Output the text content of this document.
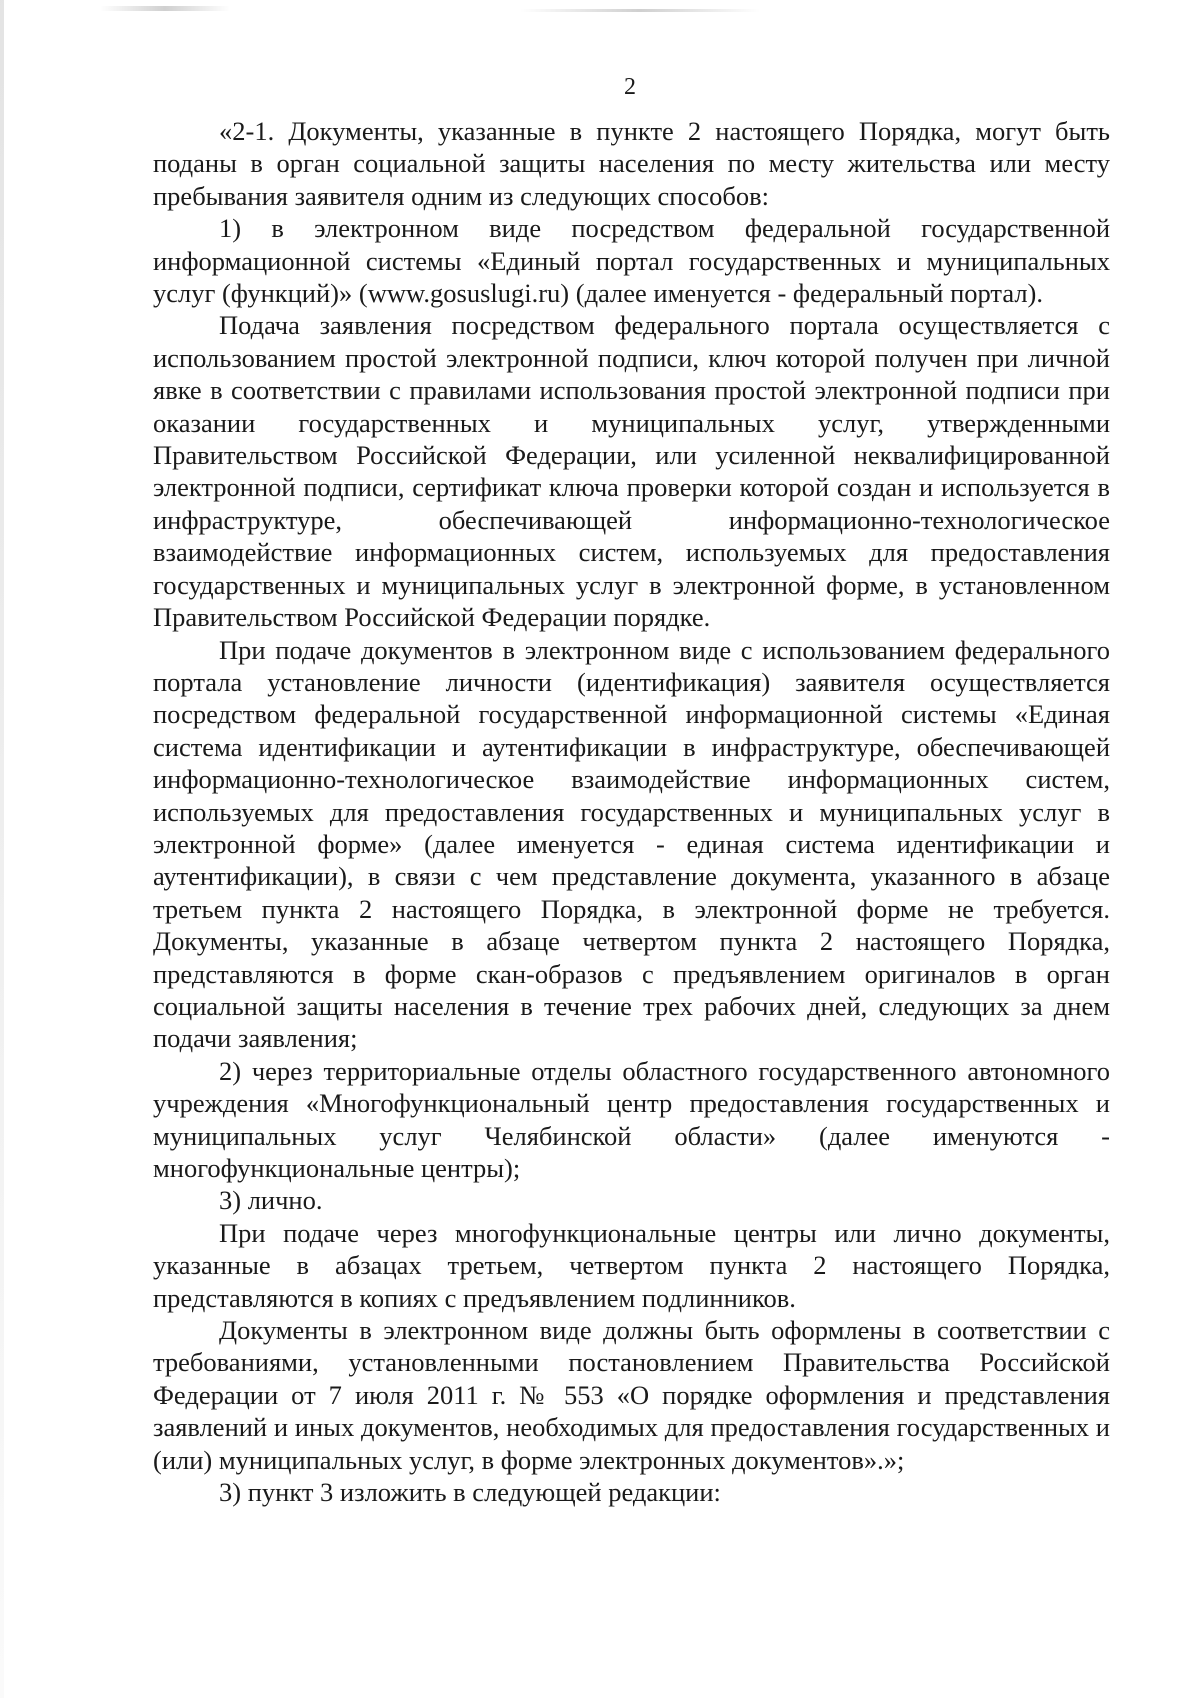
2

«2-1. Документы, указанные в пункте 2 настоящего Порядка, могут быть поданы в орган социальной защиты населения по месту жительства или месту пребывания заявителя одним из следующих способов:

1) в электронном виде посредством федеральной государственной информационной системы «Единый портал государственных и муниципальных услуг (функций)» (www.gosuslugi.ru) (далее именуется - федеральный портал).

Подача заявления посредством федерального портала осуществляется с использованием простой электронной подписи, ключ которой получен при личной явке в соответствии с правилами использования простой электронной подписи при оказании государственных и муниципальных услуг, утвержденными Правительством Российской Федерации, или усиленной неквалифицированной электронной подписи, сертификат ключа проверки которой создан и используется в инфраструктуре, обеспечивающей информационно-технологическое взаимодействие информационных систем, используемых для предоставления государственных и муниципальных услуг в электронной форме, в установленном Правительством Российской Федерации порядке.

При подаче документов в электронном виде с использованием федерального портала установление личности (идентификация) заявителя осуществляется посредством федеральной государственной информационной системы «Единая система идентификации и аутентификации в инфраструктуре, обеспечивающей информационно-технологическое взаимодействие информационных систем, используемых для предоставления государственных и муниципальных услуг в электронной форме» (далее именуется - единая система идентификации и аутентификации), в связи с чем представление документа, указанного в абзаце третьем пункта 2 настоящего Порядка, в электронной форме не требуется. Документы, указанные в абзаце четвертом пункта 2 настоящего Порядка, представляются в форме скан-образов с предъявлением оригиналов в орган социальной защиты населения в течение трех рабочих дней, следующих за днем подачи заявления;

2) через территориальные отделы областного государственного автономного учреждения «Многофункциональный центр предоставления государственных и муниципальных услуг Челябинской области» (далее именуются - многофункциональные центры);

3) лично.

При подаче через многофункциональные центры или лично документы, указанные в абзацах третьем, четвертом пункта 2 настоящего Порядка, представляются в копиях с предъявлением подлинников.

Документы в электронном виде должны быть оформлены в соответствии с требованиями, установленными постановлением Правительства Российской Федерации от 7 июля 2011 г. № 553 «О порядке оформления и представления заявлений и иных документов, необходимых для предоставления государственных и (или) муниципальных услуг, в форме электронных документов».»;

3) пункт 3 изложить в следующей редакции:
